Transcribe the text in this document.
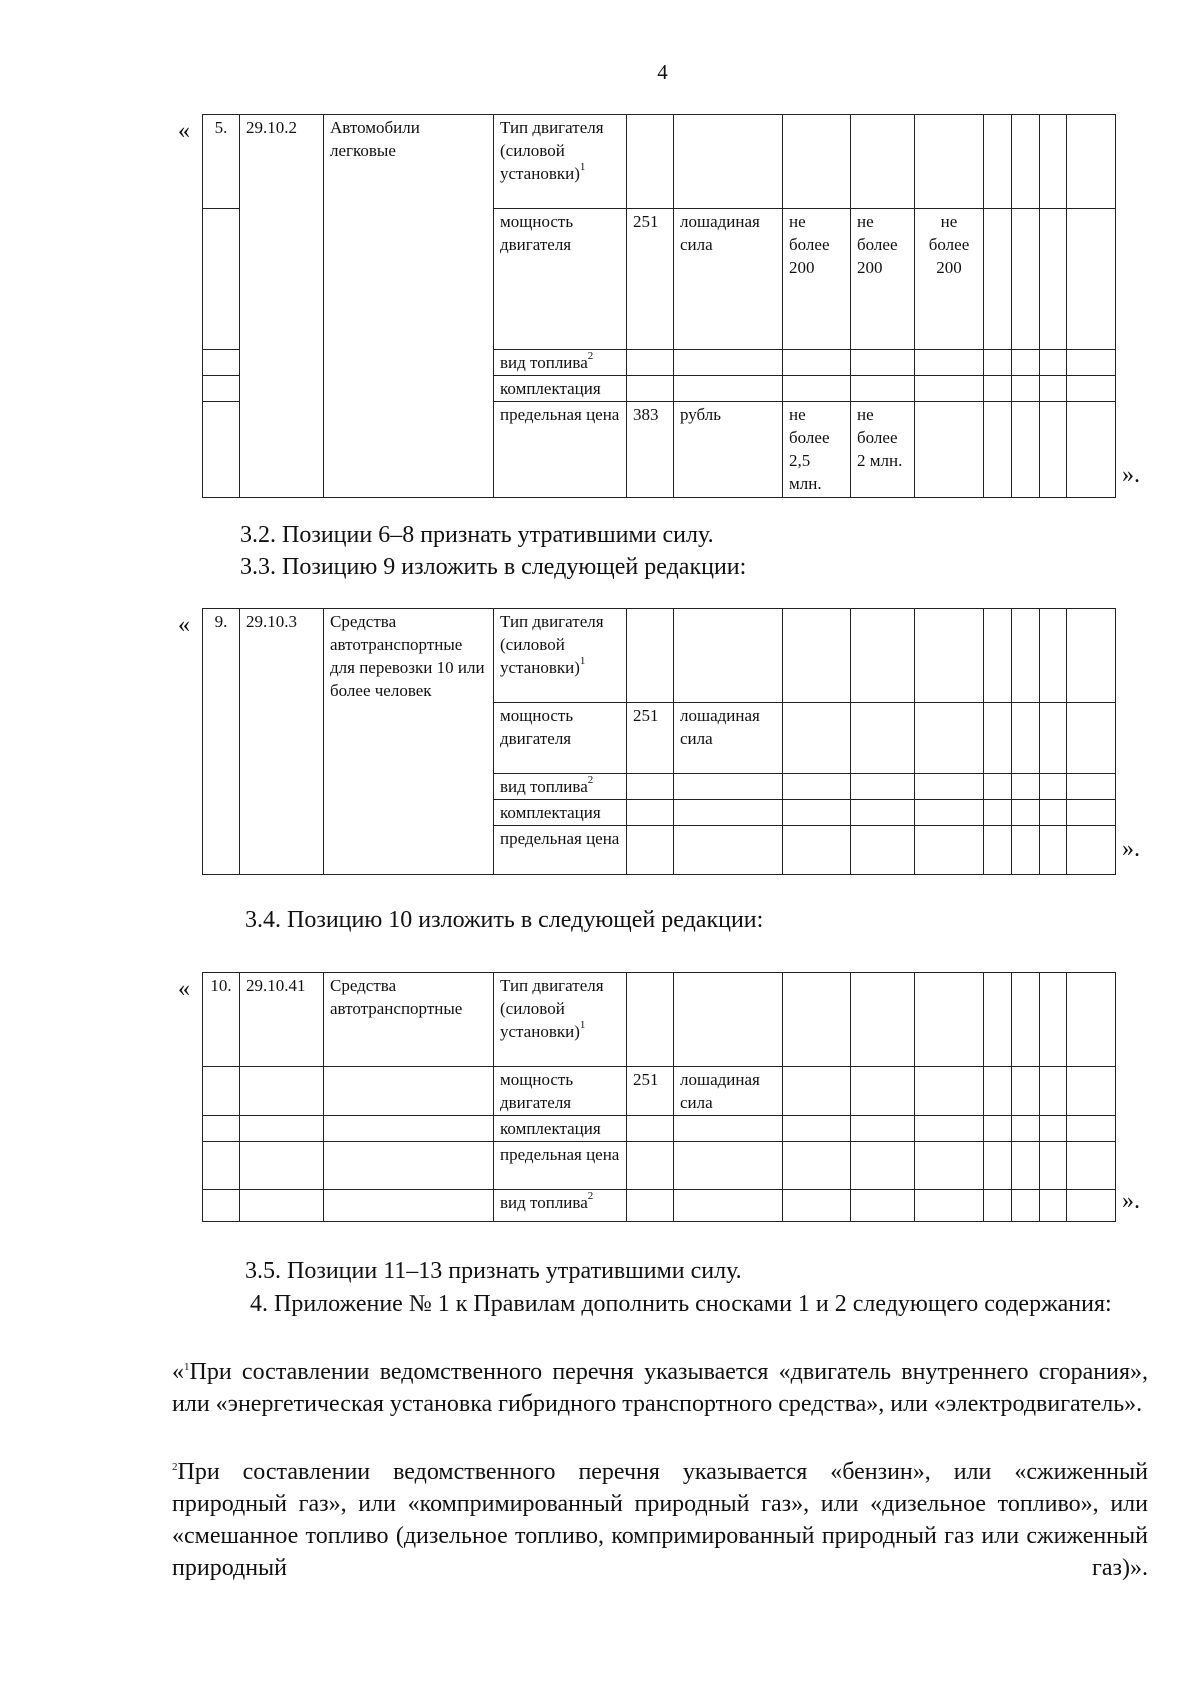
4
« 5.	29.10.2	Автомобили легковые	Тип двигателя (силовой установки)$^1$									
			мощность двигателя	251	лошадиная сила	не более 200	не более 200	не более 200				
			вид топлива$^2$									
			комплектация									
			предельная цена	383	рубль	не более 2,5 млн.	не более 2 млн.					
».
3.2. Позиции 6–8 признать утратившими силу.
3.3. Позицию 9 изложить в следующей редакции:
« 9.	29.10.3	Средства автотранспортные для перевозки 10 или более человек	Тип двигателя (силовой установки)$^1$									
			мощность двигателя	251	лошадиная сила							
			вид топлива$^2$									
			комплектация									
			предельная цена										».
3.4. Позицию 10 изложить в следующей редакции:
« 10.	29.10.41	Средства автотранспортные	Тип двигателя (силовой установки)$^1$									
			мощность двигателя	251	лошадиная сила							
			комплектация									
			предельная цена									
			вид топлива$^2$										».
3.5. Позиции 11–13 признать утратившими силу.
4. Приложение № 1 к Правилам дополнить сносками 1 и 2 следующего содержания:
«$^1$При составлении ведомственного перечня указывается «двигатель внутреннего сгорания», или «энергетическая установка гибридного транспортного средства», или «электродвигатель».
$^2$При составлении ведомственного перечня указывается «бензин», или «сжиженный природный газ», или «компримированный природный газ», или «дизельное топливо», или «смешанное топливо (дизельное топливо, компримированный природный газ или сжиженный природный газ)».
